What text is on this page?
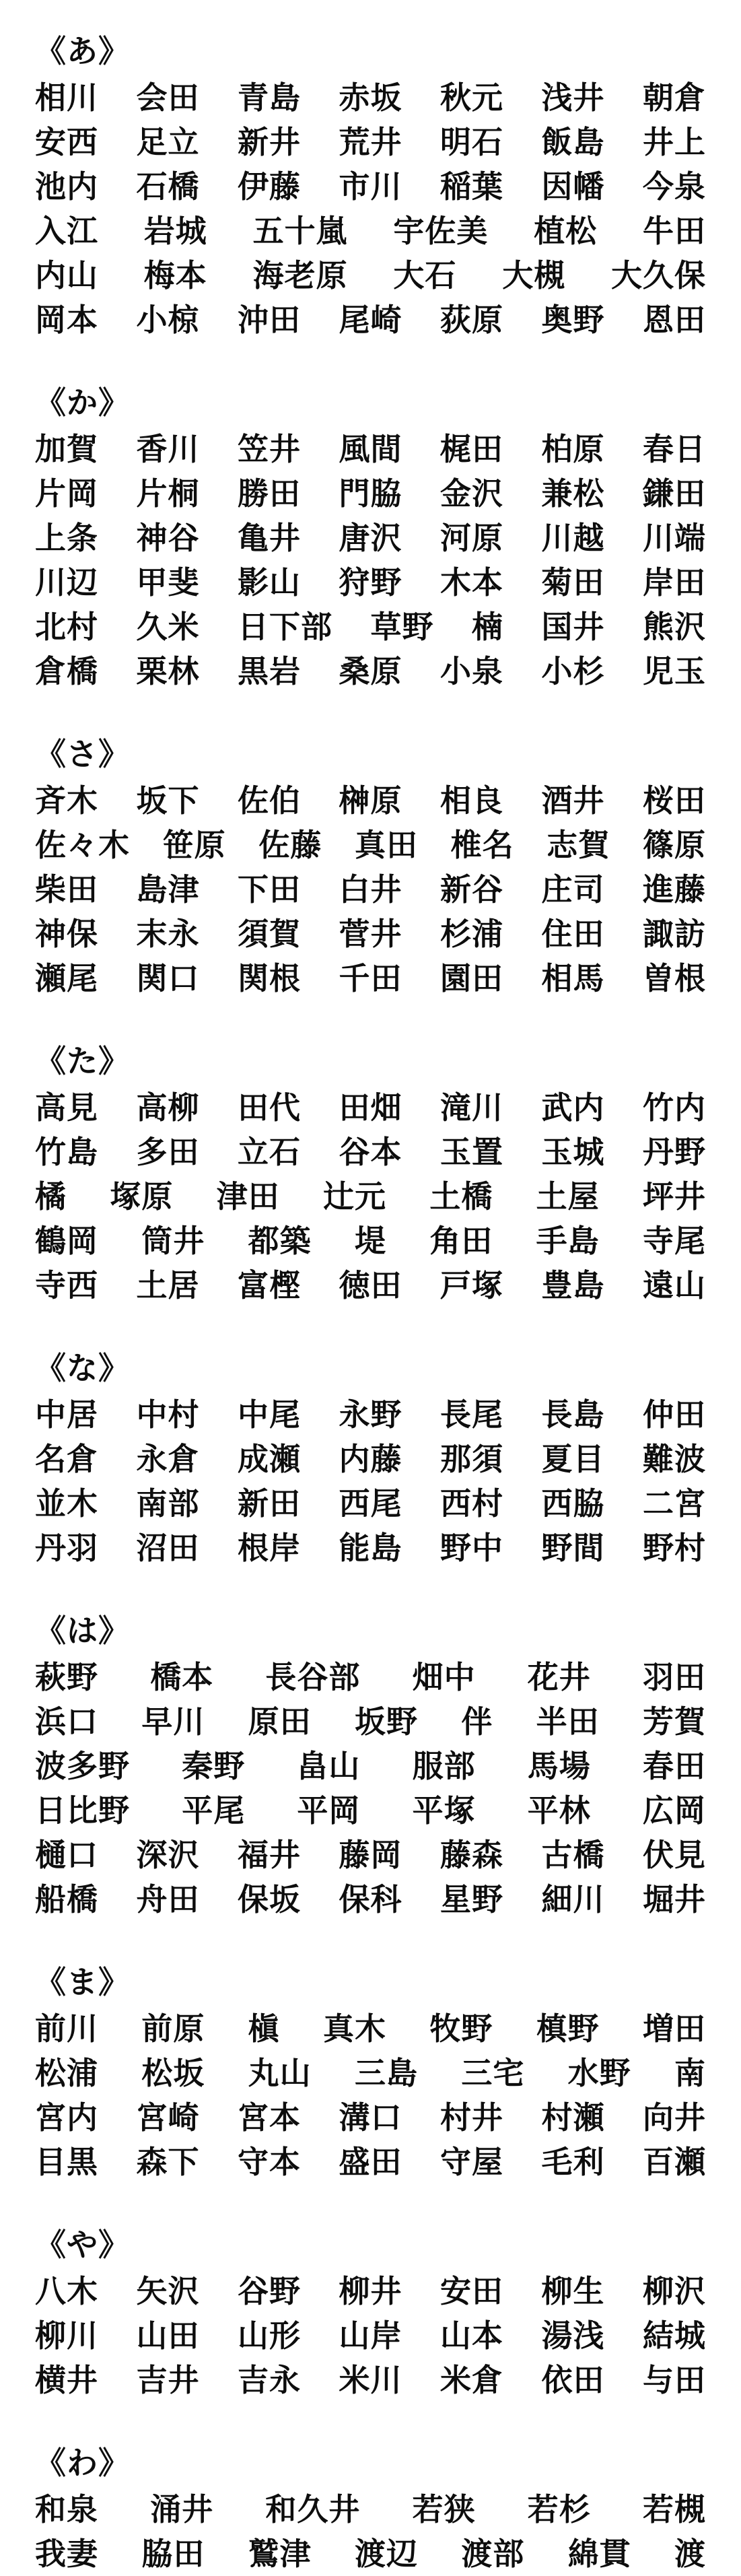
《あ》
相川 会田 青島 赤坂 秋元 浅井 朝倉
安西 足立 新井 荒井 明石 飯島 井上
池内 石橋 伊藤 市川 稲葉 因幡 今泉
入江 岩城 五十嵐 宇佐美 植松 牛田
内山 梅本 海老原 大石 大槻 大久保
岡本 小椋 沖田 尾崎 荻原 奥野 恩田
《か》
加賀 香川 笠井 風間 梶田 柏原 春日
片岡 片桐 勝田 門脇 金沢 兼松 鎌田
上条 神谷 亀井 唐沢 河原 川越 川端
川辺 甲斐 影山 狩野 木本 菊田 岸田
北村 久米 日下部 草野 楠 国井 熊沢
倉橋 栗林 黒岩 桑原 小泉 小杉 児玉
《さ》
斉木 坂下 佐伯 榊原 相良 酒井 桜田
佐々木 笹原 佐藤 真田 椎名 志賀 篠原
柴田 島津 下田 白井 新谷 庄司 進藤
神保 末永 須賀 菅井 杉浦 住田 諏訪
瀬尾 関口 関根 千田 園田 相馬 曽根
《た》
高見 高柳 田代 田畑 滝川 武内 竹内
竹島 多田 立石 谷本 玉置 玉城 丹野
橘 塚原 津田 辻元 土橋 土屋 坪井
鶴岡 筒井 都築 堤 角田 手島 寺尾
寺西 土居 富樫 徳田 戸塚 豊島 遠山
《な》
中居 中村 中尾 永野 長尾 長島 仲田
名倉 永倉 成瀬 内藤 那須 夏目 難波
並木 南部 新田 西尾 西村 西脇 二宮
丹羽 沼田 根岸 能島 野中 野間 野村
《は》
萩野 橋本 長谷部 畑中 花井 羽田
浜口 早川 原田 坂野 伴 半田 芳賀
波多野 秦野 畠山 服部 馬場 春田
日比野 平尾 平岡 平塚 平林 広岡
樋口 深沢 福井 藤岡 藤森 古橋 伏見
船橋 舟田 保坂 保科 星野 細川 堀井
《ま》
前川 前原 槇 真木 牧野 槙野 増田
松浦 松坂 丸山 三島 三宅 水野 南
宮内 宮崎 宮本 溝口 村井 村瀬 向井
目黒 森下 守本 盛田 守屋 毛利 百瀬
《や》
八木 矢沢 谷野 柳井 安田 柳生 柳沢
柳川 山田 山形 山岸 山本 湯浅 結城
横井 吉井 吉永 米川 米倉 依田 与田
《わ》
和泉 涌井 和久井 若狭 若杉 若槻
我妻 脇田 鷲津 渡辺 渡部 綿貫 渡
